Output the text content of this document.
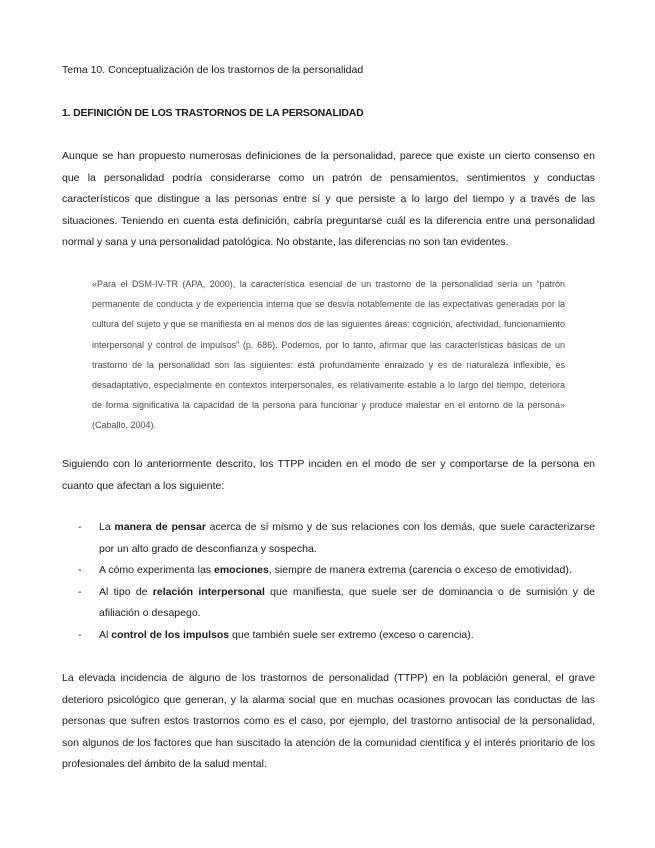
Tema 10. Conceptualización de los trastornos de la personalidad
1. DEFINICIÓN DE LOS TRASTORNOS DE LA PERSONALIDAD

Aunque se han propuesto numerosas definiciones de la personalidad, parece que existe un cierto consenso en que la personalidad podría considerarse como un patrón de pensamientos, sentimientos y conductas característicos que distingue a las personas entre sí y que persiste a lo largo del tiempo y a través de las situaciones. Teniendo en cuenta esta definición, cabría preguntarse cuál es la diferencia entre una personalidad normal y sana y una personalidad patológica. No obstante, las diferencias no son tan evidentes.

«Para el DSM-IV-TR (APA, 2000), la característica esencial de un trastorno de la personalidad sería un “patrón permanente de conducta y de experiencia interna que se desvía notablemente de las expectativas generadas por la cultura del sujeto y que se manifiesta en al menos dos de las siguientes áreas: cognición, afectividad, funcionamiento interpersonal y control de impulsos” (p. 686). Podemos, por lo tanto, afirmar que las características básicas de un trastorno de la personalidad son las siguientes: está profundamente enraizado y es de naturaleza inflexible, es desadaptativo, especialmente en contextos interpersonales, es relativamente estable a lo largo del tiempo, deteriora de forma significativa la capacidad de la persona para funcionar y produce malestar en el entorno de la persona» (Caballo, 2004).

Siguiendo con lo anteriormente descrito, los TTPP inciden en el modo de ser y comportarse de la persona en cuanto que afectan a los siguiente:

- La manera de pensar acerca de sí mismo y de sus relaciones con los demás, que suele caracterizarse por un alto grado de desconfianza y sospecha.
- A cómo experimenta las emociones, siempre de manera extrema (carencia o exceso de emotividad).
- Al tipo de relación interpersonal que manifiesta, que suele ser de dominancia o de sumisión y de afiliación o desapego.
- Al control de los impulsos que también suele ser extremo (exceso o carencia).

La elevada incidencia de alguno de los trastornos de personalidad (TTPP) en la población general, el grave deterioro psicológico que generan, y la alarma social que en muchas ocasiones provocan las conductas de las personas que sufren estos trastornos como es el caso, por ejemplo, del trastorno antisocial de la personalidad, son algunos de los factores que han suscitado la atención de la comunidad científica y el interés prioritario de los profesionales del ámbito de la salud mental.
